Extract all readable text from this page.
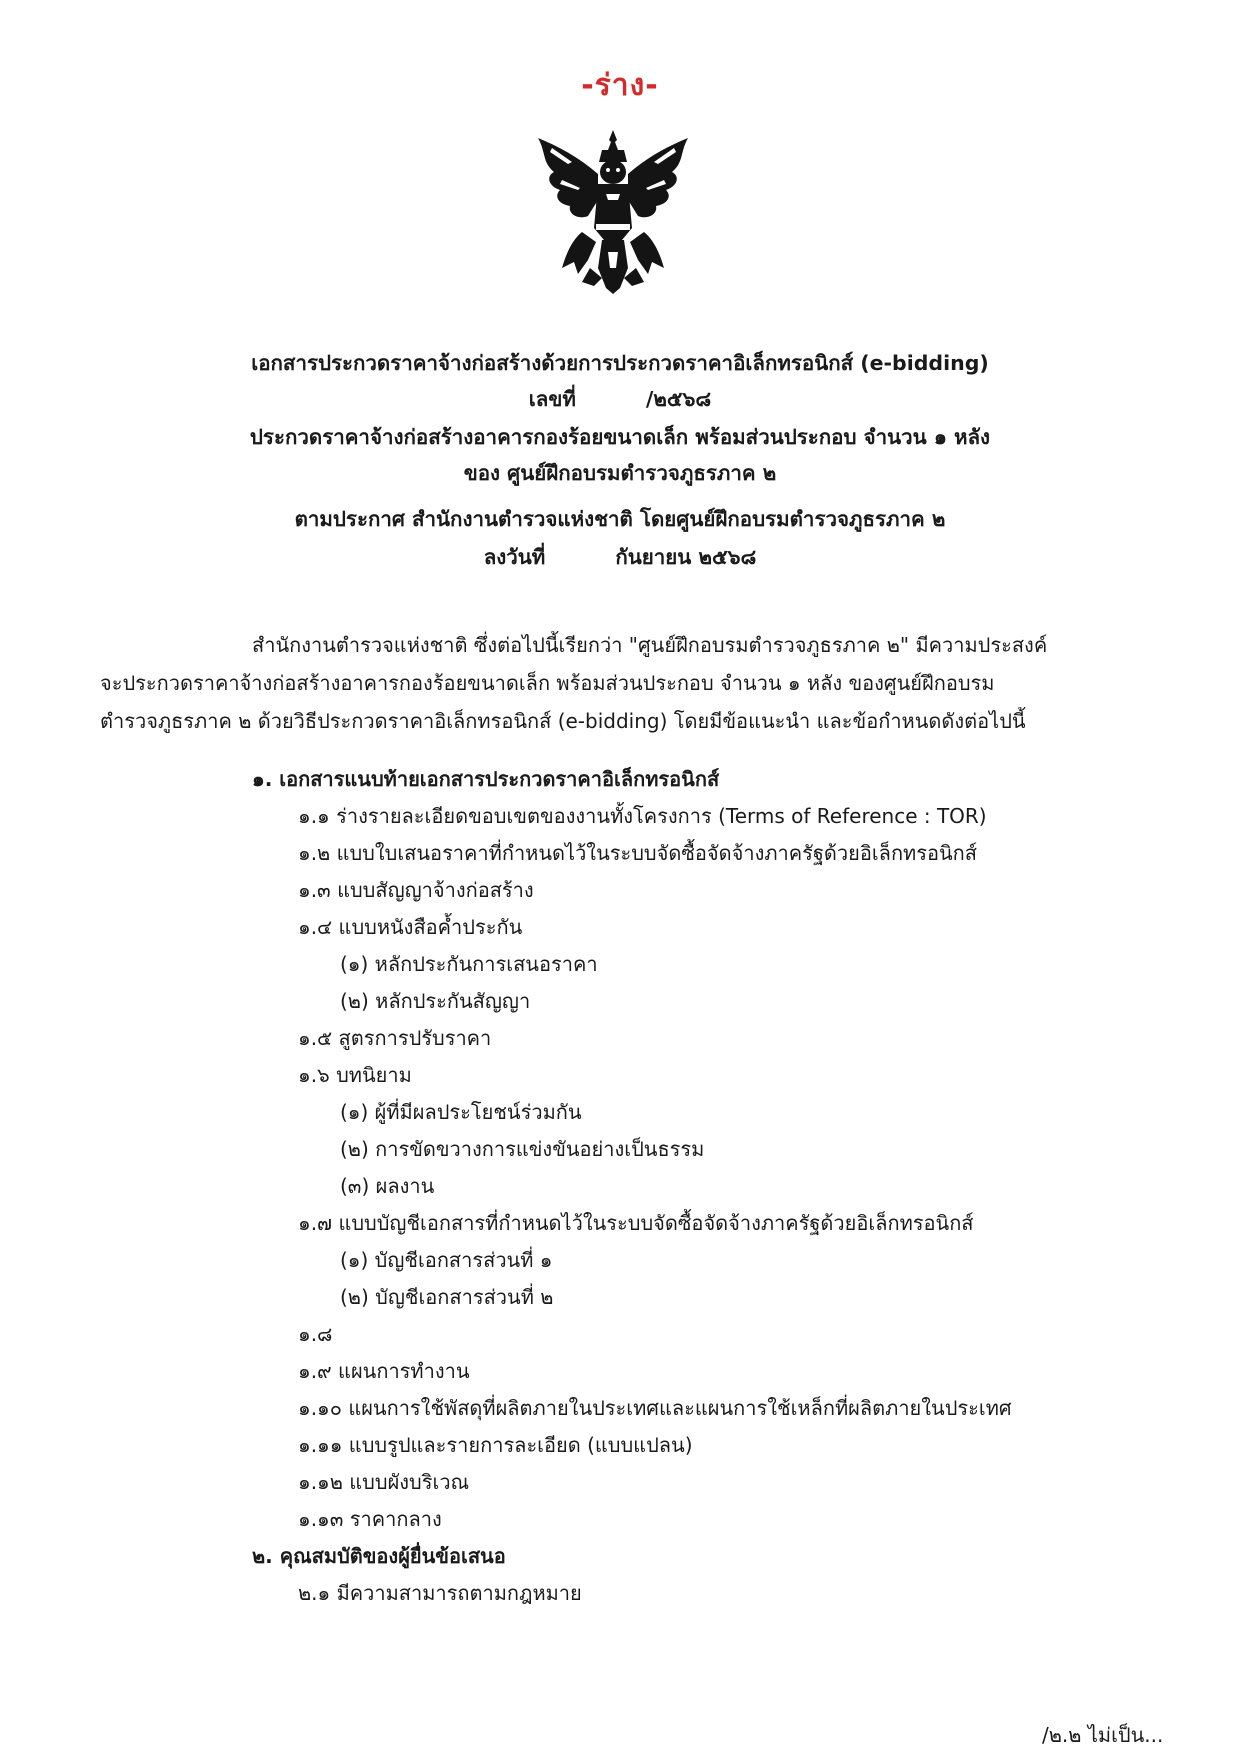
-ร่าง-
เอกสารประกวดราคาจ้างก่อสร้างด้วยการประกวดราคาอิเล็กทรอนิกส์ (e-bidding)
เลขที่	/๒๕๖๘
ประกวดราคาจ้างก่อสร้างอาคารกองร้อยขนาดเล็ก พร้อมส่วนประกอบ จำนวน ๑ หลัง
ของ ศูนย์ฝึกอบรมตำรวจภูธรภาค ๒
ตามประกาศ สำนักงานตำรวจแห่งชาติ โดยศูนย์ฝึกอบรมตำรวจภูธรภาค ๒
ลงวันที่	กันยายน ๒๕๖๘
สำนักงานตำรวจแห่งชาติ ซึ่งต่อไปนี้เรียกว่า "ศูนย์ฝึกอบรมตำรวจภูธรภาค ๒" มีความประสงค์
จะประกวดราคาจ้างก่อสร้างอาคารกองร้อยขนาดเล็ก พร้อมส่วนประกอบ จำนวน ๑ หลัง ของศูนย์ฝึกอบรม
ตำรวจภูธรภาค ๒ ด้วยวิธีประกวดราคาอิเล็กทรอนิกส์ (e-bidding) โดยมีข้อแนะนำ และข้อกำหนดดังต่อไปนี้
๑. เอกสารแนบท้ายเอกสารประกวดราคาอิเล็กทรอนิกส์
๑.๑ ร่างรายละเอียดขอบเขตของงานทั้งโครงการ (Terms of Reference : TOR)
๑.๒ แบบใบเสนอราคาที่กำหนดไว้ในระบบจัดซื้อจัดจ้างภาครัฐด้วยอิเล็กทรอนิกส์
๑.๓ แบบสัญญาจ้างก่อสร้าง
๑.๔ แบบหนังสือค้ำประกัน
(๑) หลักประกันการเสนอราคา
(๒) หลักประกันสัญญา
๑.๕ สูตรการปรับราคา
๑.๖ บทนิยาม
(๑) ผู้ที่มีผลประโยชน์ร่วมกัน
(๒) การขัดขวางการแข่งขันอย่างเป็นธรรม
(๓) ผลงาน
๑.๗ แบบบัญชีเอกสารที่กำหนดไว้ในระบบจัดซื้อจัดจ้างภาครัฐด้วยอิเล็กทรอนิกส์
(๑) บัญชีเอกสารส่วนที่ ๑
(๒) บัญชีเอกสารส่วนที่ ๒
๑.๘
๑.๙ แผนการทำงาน
๑.๑๐ แผนการใช้พัสดุที่ผลิตภายในประเทศและแผนการใช้เหล็กที่ผลิตภายในประเทศ
๑.๑๑ แบบรูปและรายการละเอียด (แบบแปลน)
๑.๑๒ แบบผังบริเวณ
๑.๑๓ ราคากลาง
๒. คุณสมบัติของผู้ยื่นข้อเสนอ
๒.๑ มีความสามารถตามกฎหมาย
/๒.๒ ไม่เป็น...
